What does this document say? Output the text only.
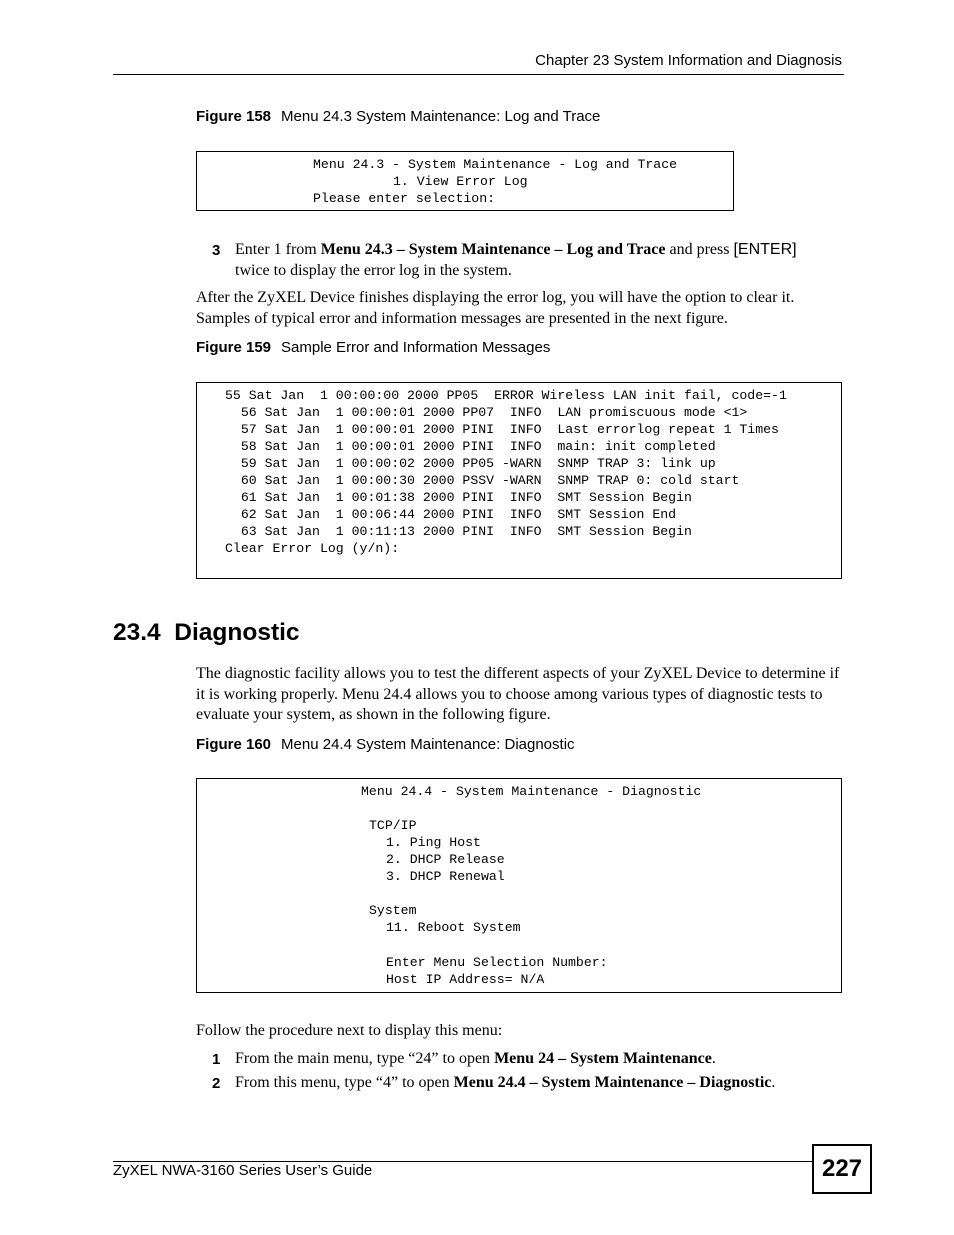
Chapter 23 System Information and Diagnosis
Figure 158 Menu 24.3 System Maintenance: Log and Trace
Menu 24.3 - System Maintenance - Log and Trace
1. View Error Log
Please enter selection:
3 Enter 1 from Menu 24.3 – System Maintenance – Log and Trace and press [ENTER]
twice to display the error log in the system.
After the ZyXEL Device finishes displaying the error log, you will have the option to clear it. Samples of typical error and information messages are presented in the next figure.
Figure 159 Sample Error and Information Messages
55 Sat Jan  1 00:00:00 2000 PP05  ERROR Wireless LAN init fail, code=-1
56 Sat Jan  1 00:00:01 2000 PP07  INFO  LAN promiscuous mode <1>
57 Sat Jan  1 00:00:01 2000 PINI  INFO  Last errorlog repeat 1 Times
58 Sat Jan  1 00:00:01 2000 PINI  INFO  main: init completed
59 Sat Jan  1 00:00:02 2000 PP05 -WARN  SNMP TRAP 3: link up
60 Sat Jan  1 00:00:30 2000 PSSV -WARN  SNMP TRAP 0: cold start
61 Sat Jan  1 00:01:38 2000 PINI  INFO  SMT Session Begin
62 Sat Jan  1 00:06:44 2000 PINI  INFO  SMT Session End
63 Sat Jan  1 00:11:13 2000 PINI  INFO  SMT Session Begin
Clear Error Log (y/n):
23.4  Diagnostic
The diagnostic facility allows you to test the different aspects of your ZyXEL Device to determine if it is working properly. Menu 24.4 allows you to choose among various types of diagnostic tests to evaluate your system, as shown in the following figure.
Figure 160 Menu 24.4 System Maintenance: Diagnostic
Menu 24.4 - System Maintenance - Diagnostic
TCP/IP
1. Ping Host
2. DHCP Release
3. DHCP Renewal
System
11. Reboot System
Enter Menu Selection Number:
Host IP Address= N/A
Follow the procedure next to display this menu:
1 From the main menu, type “24” to open Menu 24 – System Maintenance.
2 From this menu, type “4” to open Menu 24.4 – System Maintenance – Diagnostic.
ZyXEL NWA-3160 Series User’s Guide	227
